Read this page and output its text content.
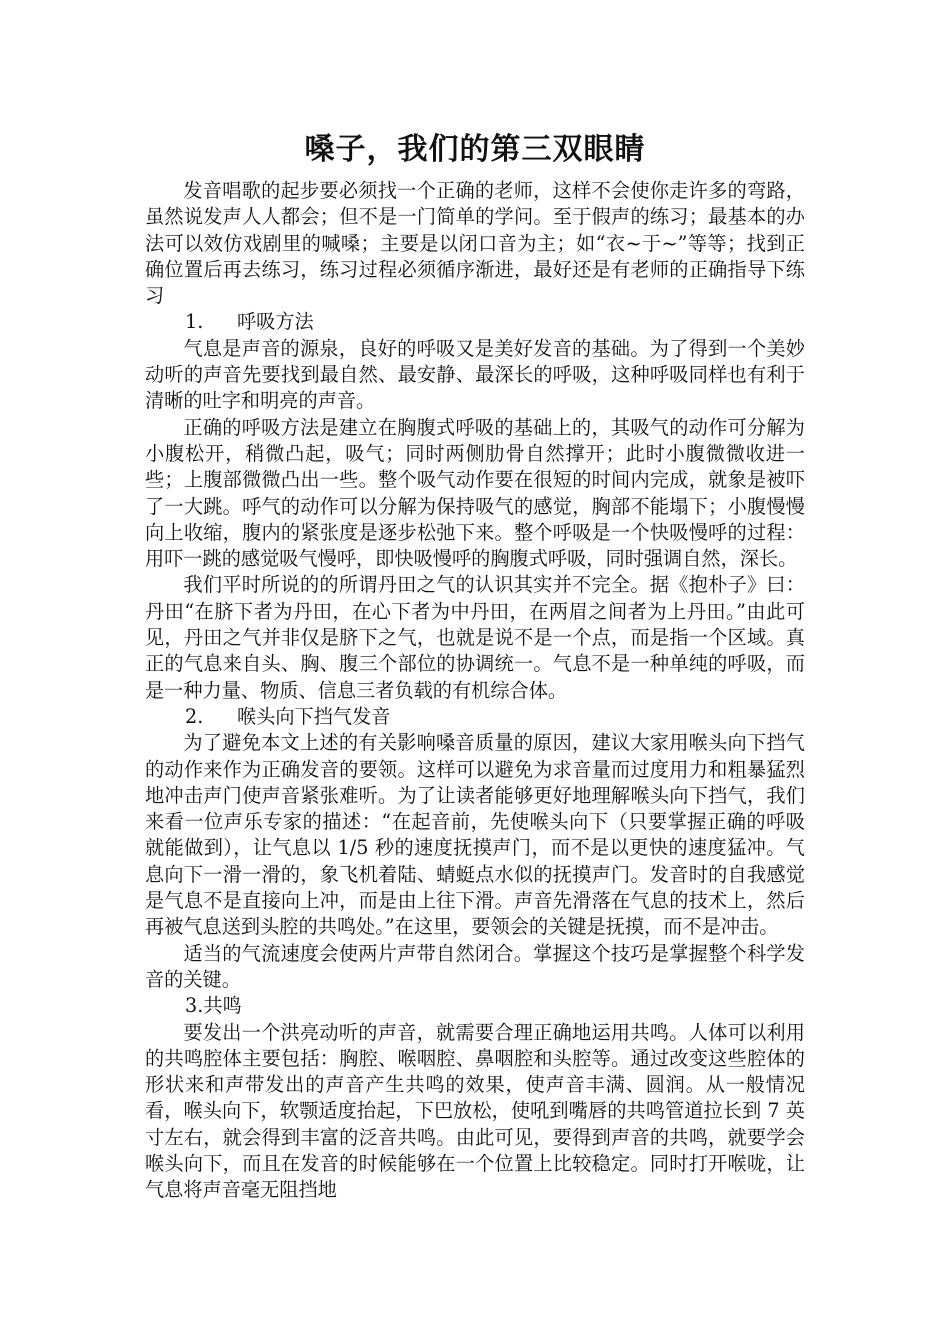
嗓子，我们的第三双眼睛

发音唱歌的起步要必须找一个正确的老师，这样不会使你走许多的弯路，虽然说发声人人都会；但不是一门简单的学问。至于假声的练习；最基本的办法可以效仿戏剧里的喊嗓；主要是以闭口音为主；如“衣~于~”等等；找到正确位置后再去练习，练习过程必须循序渐进，最好还是有老师的正确指导下练习

1. 呼吸方法

气息是声音的源泉，良好的呼吸又是美好发音的基础。为了得到一个美妙动听的声音先要找到最自然、最安静、最深长的呼吸，这种呼吸同样也有利于清晰的吐字和明亮的声音。

正确的呼吸方法是建立在胸腹式呼吸的基础上的，其吸气的动作可分解为小腹松开，稍微凸起，吸气；同时两侧肋骨自然撑开；此时小腹微微收进一些；上腹部微微凸出一些。整个吸气动作要在很短的时间内完成，就象是被吓了一大跳。呼气的动作可以分解为保持吸气的感觉，胸部不能塌下；小腹慢慢向上收缩，腹内的紧张度是逐步松弛下来。整个呼吸是一个快吸慢呼的过程：用吓一跳的感觉吸气慢呼，即快吸慢呼的胸腹式呼吸，同时强调自然，深长。

我们平时所说的的所谓丹田之气的认识其实并不完全。据《抱朴子》曰：丹田“在脐下者为丹田，在心下者为中丹田，在两眉之间者为上丹田。”由此可见，丹田之气并非仅是脐下之气，也就是说不是一个点，而是指一个区域。真正的气息来自头、胸、腹三个部位的协调统一。气息不是一种单纯的呼吸，而是一种力量、物质、信息三者负载的有机综合体。

2. 喉头向下挡气发音

为了避免本文上述的有关影响嗓音质量的原因，建议大家用喉头向下挡气的动作来作为正确发音的要领。这样可以避免为求音量而过度用力和粗暴猛烈地冲击声门使声音紧张难听。为了让读者能够更好地理解喉头向下挡气，我们来看一位声乐专家的描述：“在起音前，先使喉头向下（只要掌握正确的呼吸就能做到），让气息以 1/5 秒的速度抚摸声门，而不是以更快的速度猛冲。气息向下一滑一滑的，象飞机着陆、蜻蜓点水似的抚摸声门。发音时的自我感觉是气息不是直接向上冲，而是由上往下滑。声音先滑落在气息的技术上，然后再被气息送到头腔的共鸣处。”在这里，要领会的关键是抚摸，而不是冲击。

适当的气流速度会使两片声带自然闭合。掌握这个技巧是掌握整个科学发音的关键。

3.共鸣

要发出一个洪亮动听的声音，就需要合理正确地运用共鸣。人体可以利用的共鸣腔体主要包括：胸腔、喉咽腔、鼻咽腔和头腔等。通过改变这些腔体的形状来和声带发出的声音产生共鸣的效果，使声音丰满、圆润。从一般情况看，喉头向下，软颚适度抬起，下巴放松，使吼到嘴唇的共鸣管道拉长到 7 英寸左右，就会得到丰富的泛音共鸣。由此可见，要得到声音的共鸣，就要学会喉头向下，而且在发音的时候能够在一个位置上比较稳定。同时打开喉咙，让气息将声音毫无阻挡地
